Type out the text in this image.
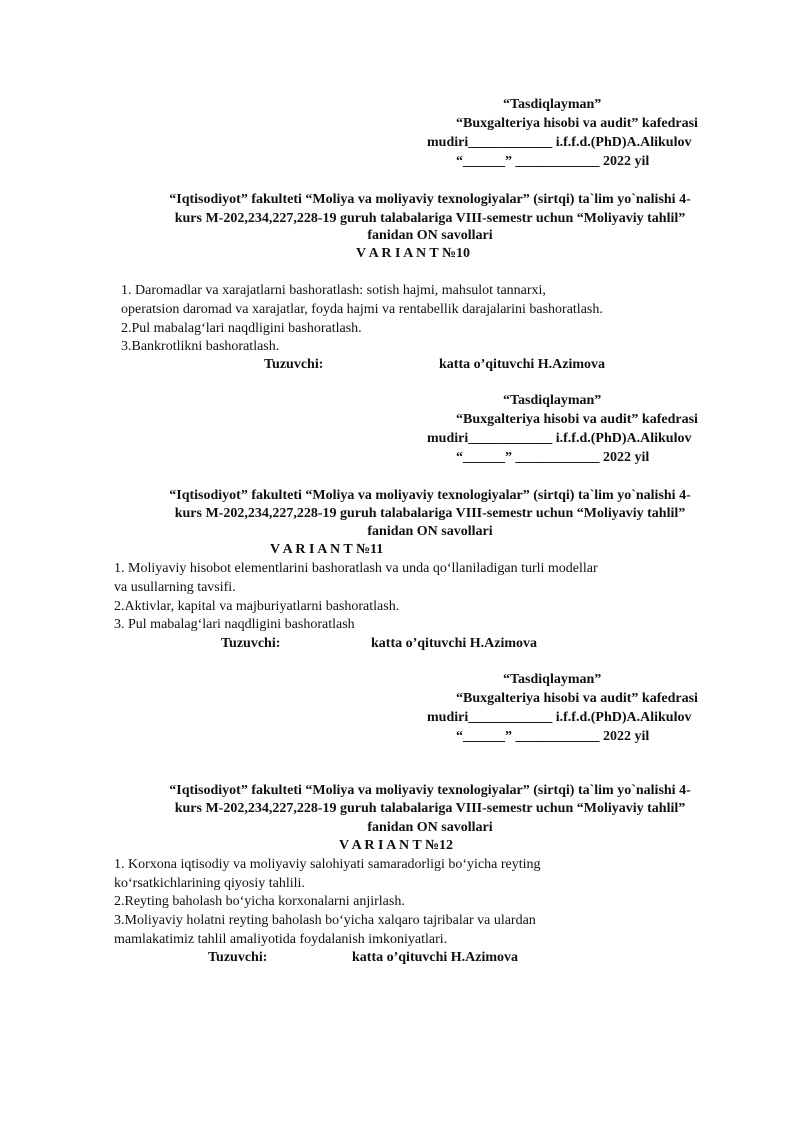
“Tasdiqlayman”
“Buxgalteriya hisobi va audit” kafedrasi
mudiri____________ i.f.f.d.(PhD)A.Alikulov
“______” ____________ 2022 yil
“Iqtisodiyot” fakulteti “Moliya va moliyaviy texnologiyalar” (sirtqi) ta`lim yo`nalishi 4-
kurs M-202,234,227,228-19 guruh talabalariga VIII-semestr uchun “Moliyaviy tahlil”
fanidan ON savollari
V A R I A N T №10
1. Daromadlar va xarajatlarni bashoratlash: sotish hajmi, mahsulot tannarxi,
operatsion daromad va xarajatlar, foyda hajmi va rentabellik darajalarini bashoratlash.
2.Pul mabalag‘lari naqdligini bashoratlash.
3.Bankrotlikni bashoratlash.
Tuzuvchi:	katta o’qituvchi H.Azimova
“Tasdiqlayman”
“Buxgalteriya hisobi va audit” kafedrasi
mudiri____________ i.f.f.d.(PhD)A.Alikulov
“______” ____________ 2022 yil
“Iqtisodiyot” fakulteti “Moliya va moliyaviy texnologiyalar” (sirtqi) ta`lim yo`nalishi 4-
kurs M-202,234,227,228-19 guruh talabalariga VIII-semestr uchun “Moliyaviy tahlil”
fanidan ON savollari
V A R I A N T №11
1. Moliyaviy hisobot elementlarini bashoratlash va unda qo‘llaniladigan turli modellar
va usullarning tavsifi.
2.Aktivlar, kapital va majburiyatlarni bashoratlash.
3. Pul mabalag‘lari naqdligini bashoratlash
Tuzuvchi:	katta o’qituvchi H.Azimova
“Tasdiqlayman”
“Buxgalteriya hisobi va audit” kafedrasi
mudiri____________ i.f.f.d.(PhD)A.Alikulov
“______” ____________ 2022 yil
“Iqtisodiyot” fakulteti “Moliya va moliyaviy texnologiyalar” (sirtqi) ta`lim yo`nalishi 4-
kurs M-202,234,227,228-19 guruh talabalariga VIII-semestr uchun “Moliyaviy tahlil”
fanidan ON savollari
V A R I A N T №12
1. Korxona iqtisodiy va moliyaviy salohiyati samaradorligi bo‘yicha reyting
ko‘rsatkichlarining qiyosiy tahlili.
2.Reyting baholash bo‘yicha korxonalarni anjirlash.
3.Moliyaviy holatni reyting baholash bo‘yicha xalqaro tajribalar va ulardan
mamlakatimiz tahlil amaliyotida foydalanish imkoniyatlari.
Tuzuvchi:	katta o’qituvchi H.Azimova
